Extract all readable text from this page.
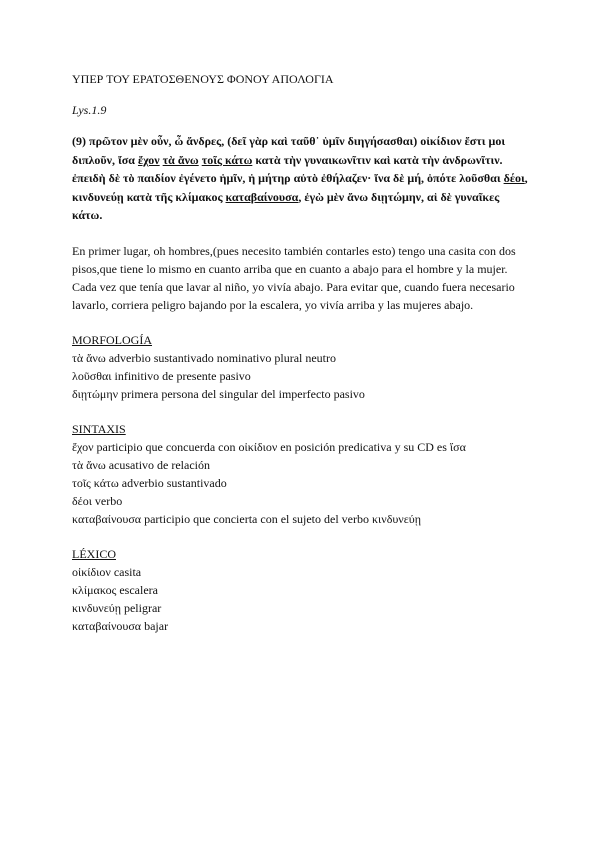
ΥΠΕΡ ΤΟΥ ΕΡΑΤΟΣΘΕΝΟΥΣ ΦΟΝΟΥ ΑΠΟΛΟΓΙΑ
Lys.1.9
(9) πρῶτον μὲν οὖν, ὦ ἄνδρες, (δεῖ γὰρ καὶ ταῦθ᾽ ὑμῖν διηγήσασθαι) οἰκίδιον ἔστι μοι διπλοῦν, ἴσα ἔχον τὰ ἄνω τοῖς κάτω κατὰ τὴν γυναικωνῖτιν καὶ κατὰ τὴν ἀνδρωνῖτιν. ἐπειδὴ δὲ τὸ παιδίον ἐγένετο ἡμῖν, ἡ μήτηρ αὐτὸ ἐθήλαζεν· ἵνα δὲ μή, ὁπότε λοῦσθαι δέοι, κινδυνεύῃ κατὰ τῆς κλίμακος καταβαίνουσα, ἐγὼ μὲν ἄνω διῃτώμην, αἱ δὲ γυναῖκες κάτω.
En primer lugar, oh hombres,(pues necesito también contarles esto) tengo una casita con dos pisos,que tiene lo mismo en cuanto arriba que en cuanto a abajo para el hombre y la mujer. Cada vez que tenía que lavar al niño, yo vivía abajo. Para evitar que, cuando fuera necesario lavarlo, corriera peligro bajando por la escalera, yo vivía arriba y las mujeres abajo.
MORFOLOGÍA
τὰ ἄνω adverbio sustantivado nominativo plural neutro
λοῦσθαι infinitivo de presente pasivo
διῃτώμην primera persona del singular del imperfecto pasivo
SINTAXIS
ἔχον participio que concuerda con οἰκίδιον en posición predicativa y su CD es ἴσα
τὰ ἄνω acusativo de relación
τοῖς κάτω adverbio sustantivado
δέοι verbo
καταβαίνουσα participio que concierta con el sujeto del verbo κινδυνεύῃ
LÉXICO
οἰκίδιον casita
κλίμακος escalera
κινδυνεύῃ peligrar
καταβαίνουσα bajar
